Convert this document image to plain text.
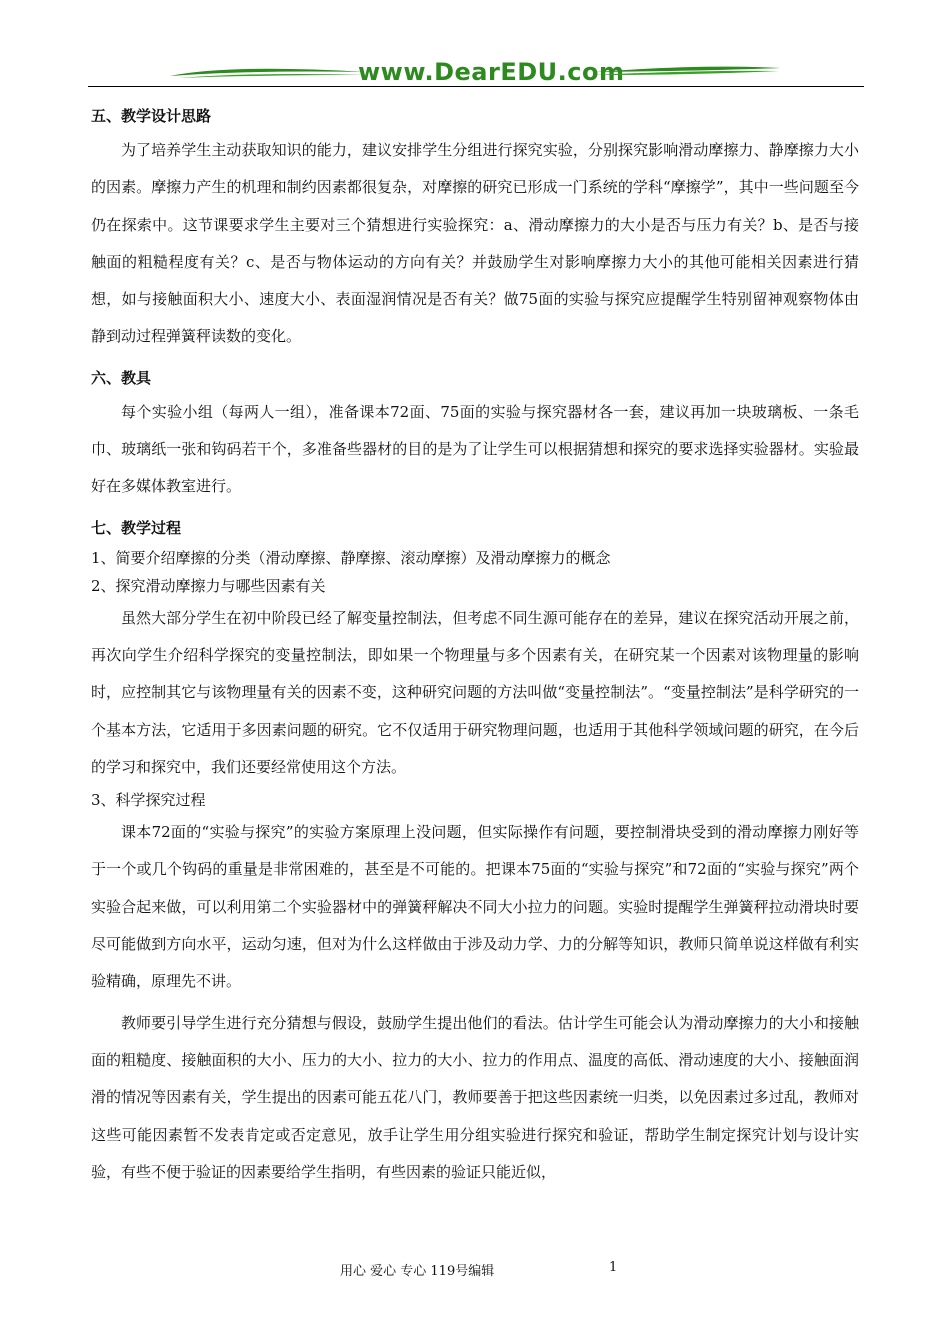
www.DearEDU.com
五、教学设计思路

为了培养学生主动获取知识的能力，建议安排学生分组进行探究实验，分别探究影响滑动摩擦力、静摩擦力大小的因素。摩擦力产生的机理和制约因素都很复杂，对摩擦的研究已形成一门系统的学科“摩擦学”，其中一些问题至今仍在探索中。这节课要求学生主要对三个猜想进行实验探究：a、滑动摩擦力的大小是否与压力有关？b、是否与接触面的粗糙程度有关？c、是否与物体运动的方向有关？并鼓励学生对影响摩擦力大小的其他可能相关因素进行猜想，如与接触面积大小、速度大小、表面湿润情况是否有关？做75面的实验与探究应提醒学生特别留神观察物体由静到动过程弹簧秤读数的变化。

六、教具

每个实验小组（每两人一组），准备课本72面、75面的实验与探究器材各一套，建议再加一块玻璃板、一条毛巾、玻璃纸一张和钩码若干个，多准备些器材的目的是为了让学生可以根据猜想和探究的要求选择实验器材。实验最好在多媒体教室进行。

七、教学过程

1、简要介绍摩擦的分类（滑动摩擦、静摩擦、滚动摩擦）及滑动摩擦力的概念

2、探究滑动摩擦力与哪些因素有关

虽然大部分学生在初中阶段已经了解变量控制法，但考虑不同生源可能存在的差异，建议在探究活动开展之前，再次向学生介绍科学探究的变量控制法，即如果一个物理量与多个因素有关，在研究某一个因素对该物理量的影响时，应控制其它与该物理量有关的因素不变，这种研究问题的方法叫做“变量控制法”。“变量控制法”是科学研究的一个基本方法，它适用于多因素问题的研究。它不仅适用于研究物理问题，也适用于其他科学领域问题的研究，在今后的学习和探究中，我们还要经常使用这个方法。

3、科学探究过程

课本72面的“实验与探究”的实验方案原理上没问题，但实际操作有问题，要控制滑块受到的滑动摩擦力刚好等于一个或几个钩码的重量是非常困难的，甚至是不可能的。把课本75面的“实验与探究”和72面的“实验与探究”两个实验合起来做，可以利用第二个实验器材中的弹簧秤解决不同大小拉力的问题。实验时提醒学生弹簧秤拉动滑块时要尽可能做到方向水平，运动匀速，但对为什么这样做由于涉及动力学、力的分解等知识，教师只简单说这样做有利实验精确，原理先不讲。

教师要引导学生进行充分猜想与假设，鼓励学生提出他们的看法。估计学生可能会认为滑动摩擦力的大小和接触面的粗糙度、接触面积的大小、压力的大小、拉力的大小、拉力的作用点、温度的高低、滑动速度的大小、接触面润滑的情况等因素有关，学生提出的因素可能五花八门，教师要善于把这些因素统一归类，以免因素过多过乱，教师对这些可能因素暂不发表肯定或否定意见，放手让学生用分组实验进行探究和验证，帮助学生制定探究计划与设计实验，有些不便于验证的因素要给学生指明，有些因素的验证只能近似，

用心 爱心 专心 119号编辑	1
